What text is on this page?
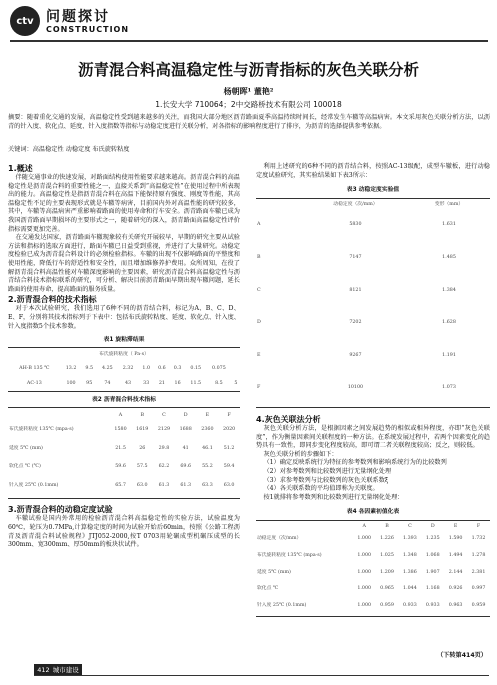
ctv 问题探讨
CONSTRUCTION
沥青混合料高温稳定性与沥青指标的灰色关联分析
杨朝晖¹ 董艳²
1.长安大学 710064；2中交路桥技术有限公司 100018
摘要：随着重化交通的发展，高温稳定性受到越来越多的关注，而我国大部分地区沥青路面夏季高温持续时间长，经常发生车辙等高温病害。本文采用灰色关联分析方法，以沥青的针入度、软化点、延度、针入度指数等指标与动稳定度进行关联分析，对各指标的影响程度进行了排序，为沥青的选择提供参考依据。
关键词：高温稳定性 动稳定度 布氏旋转粘度
1.概述

伴随交通事业的快速发展，对路面结构使用性能要求越来越高。沥青混合料的高温稳定性是沥青混合料的重要性能之一，直接关系到“高温稳定性”在使用过程中所表现出的能力。高温稳定性是指沥青混合料在高温下能保持原有强度、刚度等性能，其高温稳定性不足的主要表现形式就是车辙等病害，目前国内外对高温性能的研究较多，其中，车辙等高温病害严重影响着路面的使用寿命和行车安全。沥青路面车辙已成为我国沥青路面早期损坏的主要形式之一，随着研究的深入，沥青路面高温稳定性评价指标需要更加完善。

在交通发达国家，沥青路面车辙现象较有关研究开展较早，早期的研究主要从试验方法和指标的选取方面进行，路面车辙已日益受到重视，并进行了大量研究。动稳定度检验已成为沥青混合料设计的必须检验指标。车辙的出现不仅影响路面的平整度和使用性能，降低行车的舒适性和安全性，而且增加维修养护费用。众所周知，在役了解沥青混合料高温性能对车辙深度影响的主要因素，研究沥青混合料高温稳定性与沥青结合料技术指标联系的研究，可分析、解决目前沥青路面早期出现车辙问题，延长路面的使用寿命，提高路面的服务质量。

2.沥青混合料的技术指标

对于本次试验研究，我们选用了6种不同的沥青结合料，标记为A、B、C、D、E、F，分别将其技术指标列于下表中：包括布氏旋转粘度、延度、软化点、针入度、针入度指数5个技术参数。

表1 旋粘滞结果
布氏旋转粘度（ Pa·s）
AH-B 135 ℃	13.2	9.5	4.25	2.32	1.0	0.6	0.3	0.15	0.075	
AC-13	100	95	74	43	33	21	16	11.5	8.5	5
表2 沥青混合料技术指标
	A	B	C	D	E	F
布氏旋转粘度 135℃ (mpa·s)	1580	1619	2129	1688	2360	2020
延度 5℃ (mm)	21.5	26	29.8	41	46.1	51.2
软化点 ℃ (℃)	59.6	57.5	62.2	69.6	55.2	59.4
针入度 25℃ (0.1mm)	65.7	63.0	61.3	61.3	63.3	63.0
3.沥青混合料的动稳定度试验

车辙试验是国内外常用的检验沥青混合料高温稳定性的实验方法，试验温度为60℃，轮压为0.7MPa,计算稳定度的时间为试验开始后60min，按照《公路工程沥青及沥青混合料试验规程》JTJ052-2000,按T 0703用轮碾成型机碾压成型的长300mm、宽300mm、厚50mm的板块状试件。

利用上述研究的6种不同的沥青结合料，按照AC-13级配，成型车辙板，进行动稳定度试验研究，其实验结果如下表3所示：

表3 动稳定度实验值
	动稳定度（次/mm）	变形（mm）
A	5830	1.631
B	7147	1.485
C	8121	1.384
D	7202	1.628
E	9267	1.191
F	10100	1.073
4.灰色关联法分析

灰色关联分析方法，是根据因素之间发展趋势的相似或相异程度，亦即“灰色关联度”，作为衡量因素间关联程度的一种方法。在系统发展过程中，若两个因素变化的趋势具有一致性，即同步变化程度较高，即可谓二者关联程度较高；反之，则较低。

灰色关联分析的步骤如下：

（1）确定反映系统行为特征的参考数列和影响系统行为的比较数列

（2）对参考数列和比较数列进行无量纲化处理

（3）求参考数列与比较数列的灰色关联系数ξ

（4）各关联系数的平均值即称为关联度。

按1就排将参考数列和比较数列进行无量纲化处理：

表4 各因素初值化表
	A	B	C	D	E	F
动稳定度（次/mm）	1.000	1.226	1.393	1.235	1.590	1.732
布氏旋转粘度 135℃ (mpa·s)	1.000	1.025	1.348	1.068	1.494	1.278
延度 5℃ (mm)	1.000	1.209	1.386	1.907	2.144	2.381
软化点 ℃	1.000	0.965	1.044	1.168	0.926	0.997
针入度 25℃ (0.1mm)	1.000	0.959	0.933	0.933	0.963	0.959
（下转第414页）
412 城市建设
